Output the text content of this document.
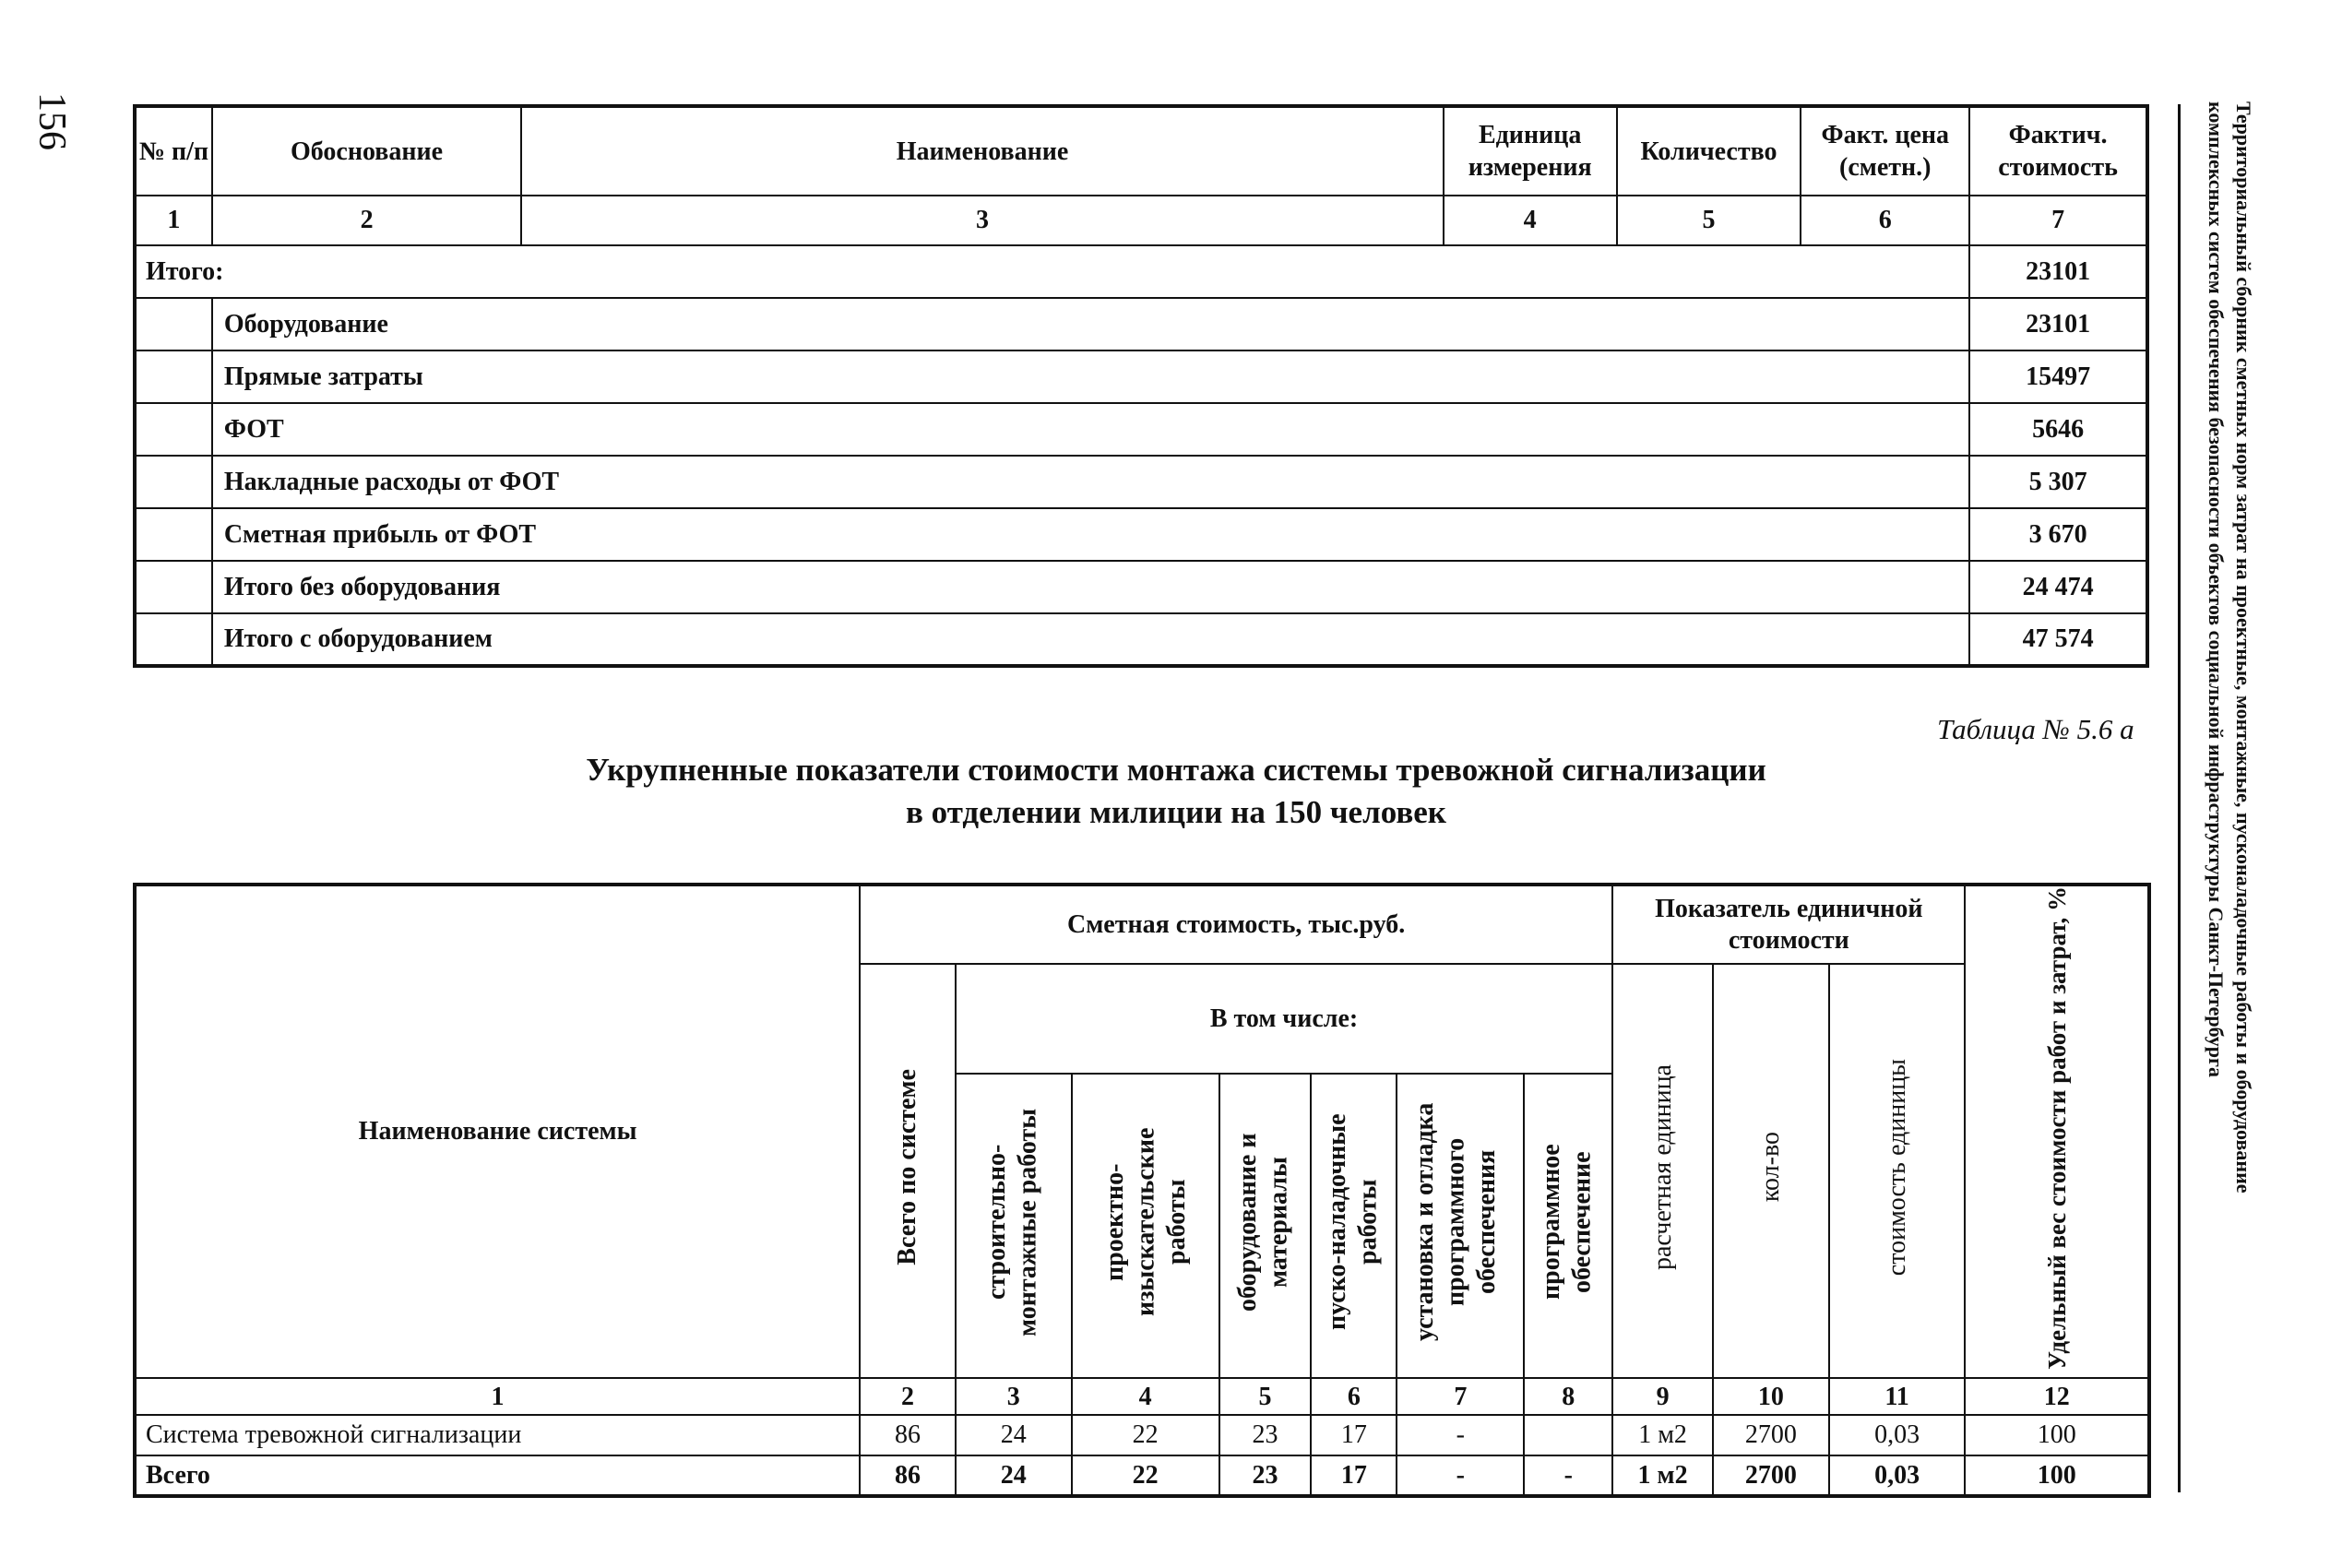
156	Территориальный сборник сметных норм затрат на проектные, монтажные, пусконаладочные работы и оборудование
комплексных систем обеспечения безопасности объектов социальной инфраструктуры Санкт-Петербурга
№ п/п	Обоснование	Наименование	Единица измерения	Количество	Факт. цена (сметн.)	Фактич. стоимость
1	2	3	4	5	6	7
Итого:						23101
	Оборудование					23101
	Прямые затраты					15497
	ФОТ					5646
	Накладные расходы от ФОТ					5 307
	Сметная прибыль от ФОТ					3 670
	Итого без оборудования					24 474
	Итого с оборудованием					47 574
Таблица № 5.6 а
Укрупненные показатели стоимости монтажа системы тревожной сигнализации
в отделении милиции на 150 человек
Наименование системы	Сметная стоимость, тыс.руб.							Показатель единичной стоимости			Удельный вес стоимости работ и затрат, %
	Всего по системе	В том числе:						расчетная единица	кол-во	стоимость единицы	
		строительно-монтажные работы	проектно-изыскательские работы	оборудование и материалы	пуско-наладочные работы	установка и отладка программного обеспечения	программное обеспечение				
1	2	3	4	5	6	7	8	9	10	11	12
Система тревожной сигнализации	86	24	22	23	17	-		1 м2	2700	0,03	100
Всего	86	24	22	23	17	-	-	1 м2	2700	0,03	100
